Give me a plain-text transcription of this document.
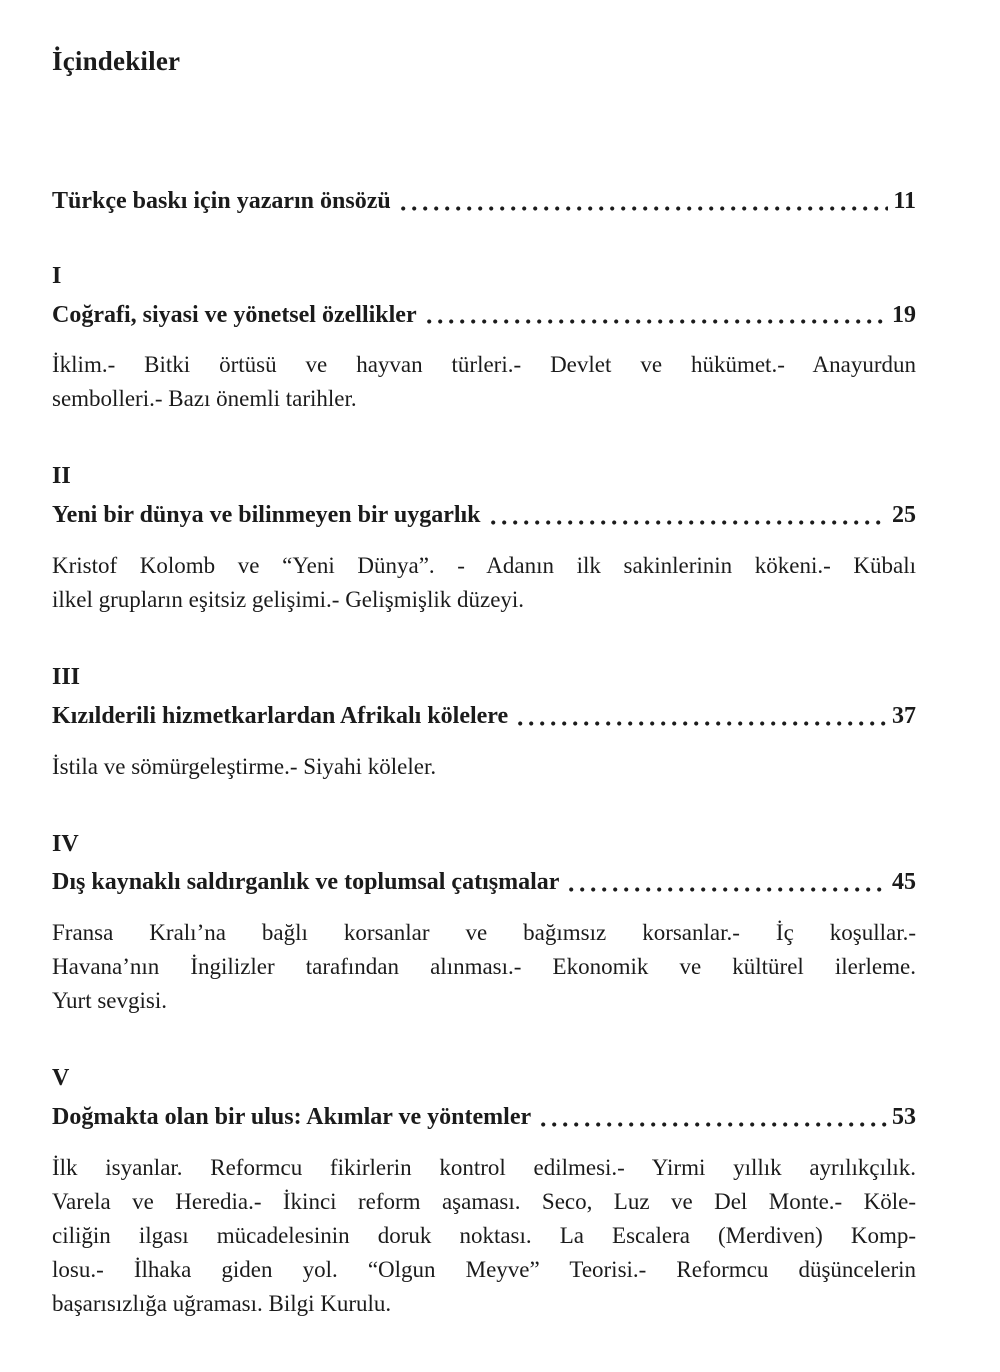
İçindekiler
Türkçe baskı için yazarın önsözü	11
I
Coğrafi, siyasi ve yönetsel özellikler	19
İklim.- Bitki örtüsü ve hayvan türleri.- Devlet ve hükümet.- Anayurdun
sembolleri.- Bazı önemli tarihler.
II
Yeni bir dünya ve bilinmeyen bir uygarlık	25
Kristof Kolomb ve “Yeni Dünya”. - Adanın ilk sakinlerinin kökeni.- Kübalı
ilkel grupların eşitsiz gelişimi.- Gelişmişlik düzeyi.
III
Kızılderili hizmetkarlardan Afrikalı kölelere	37
İstila ve sömürgeleştirme.- Siyahi köleler.
IV
Dış kaynaklı saldırganlık ve toplumsal çatışmalar	45
Fransa Kralı’na bağlı korsanlar ve bağımsız korsanlar.- İç koşullar.-
Havana’nın İngilizler tarafından alınması.- Ekonomik ve kültürel ilerleme.
Yurt sevgisi.
V
Doğmakta olan bir ulus: Akımlar ve yöntemler	53
İlk isyanlar. Reformcu fikirlerin kontrol edilmesi.- Yirmi yıllık ayrılıkçılık.
Varela ve Heredia.- İkinci reform aşaması. Seco, Luz ve Del Monte.- Köle-
ciliğin ilgası mücadelesinin doruk noktası. La Escalera (Merdiven) Komp-
losu.- İlhaka giden yol. “Olgun Meyve” Teorisi.- Reformcu düşüncelerin
başarısızlığa uğraması. Bilgi Kurulu.
